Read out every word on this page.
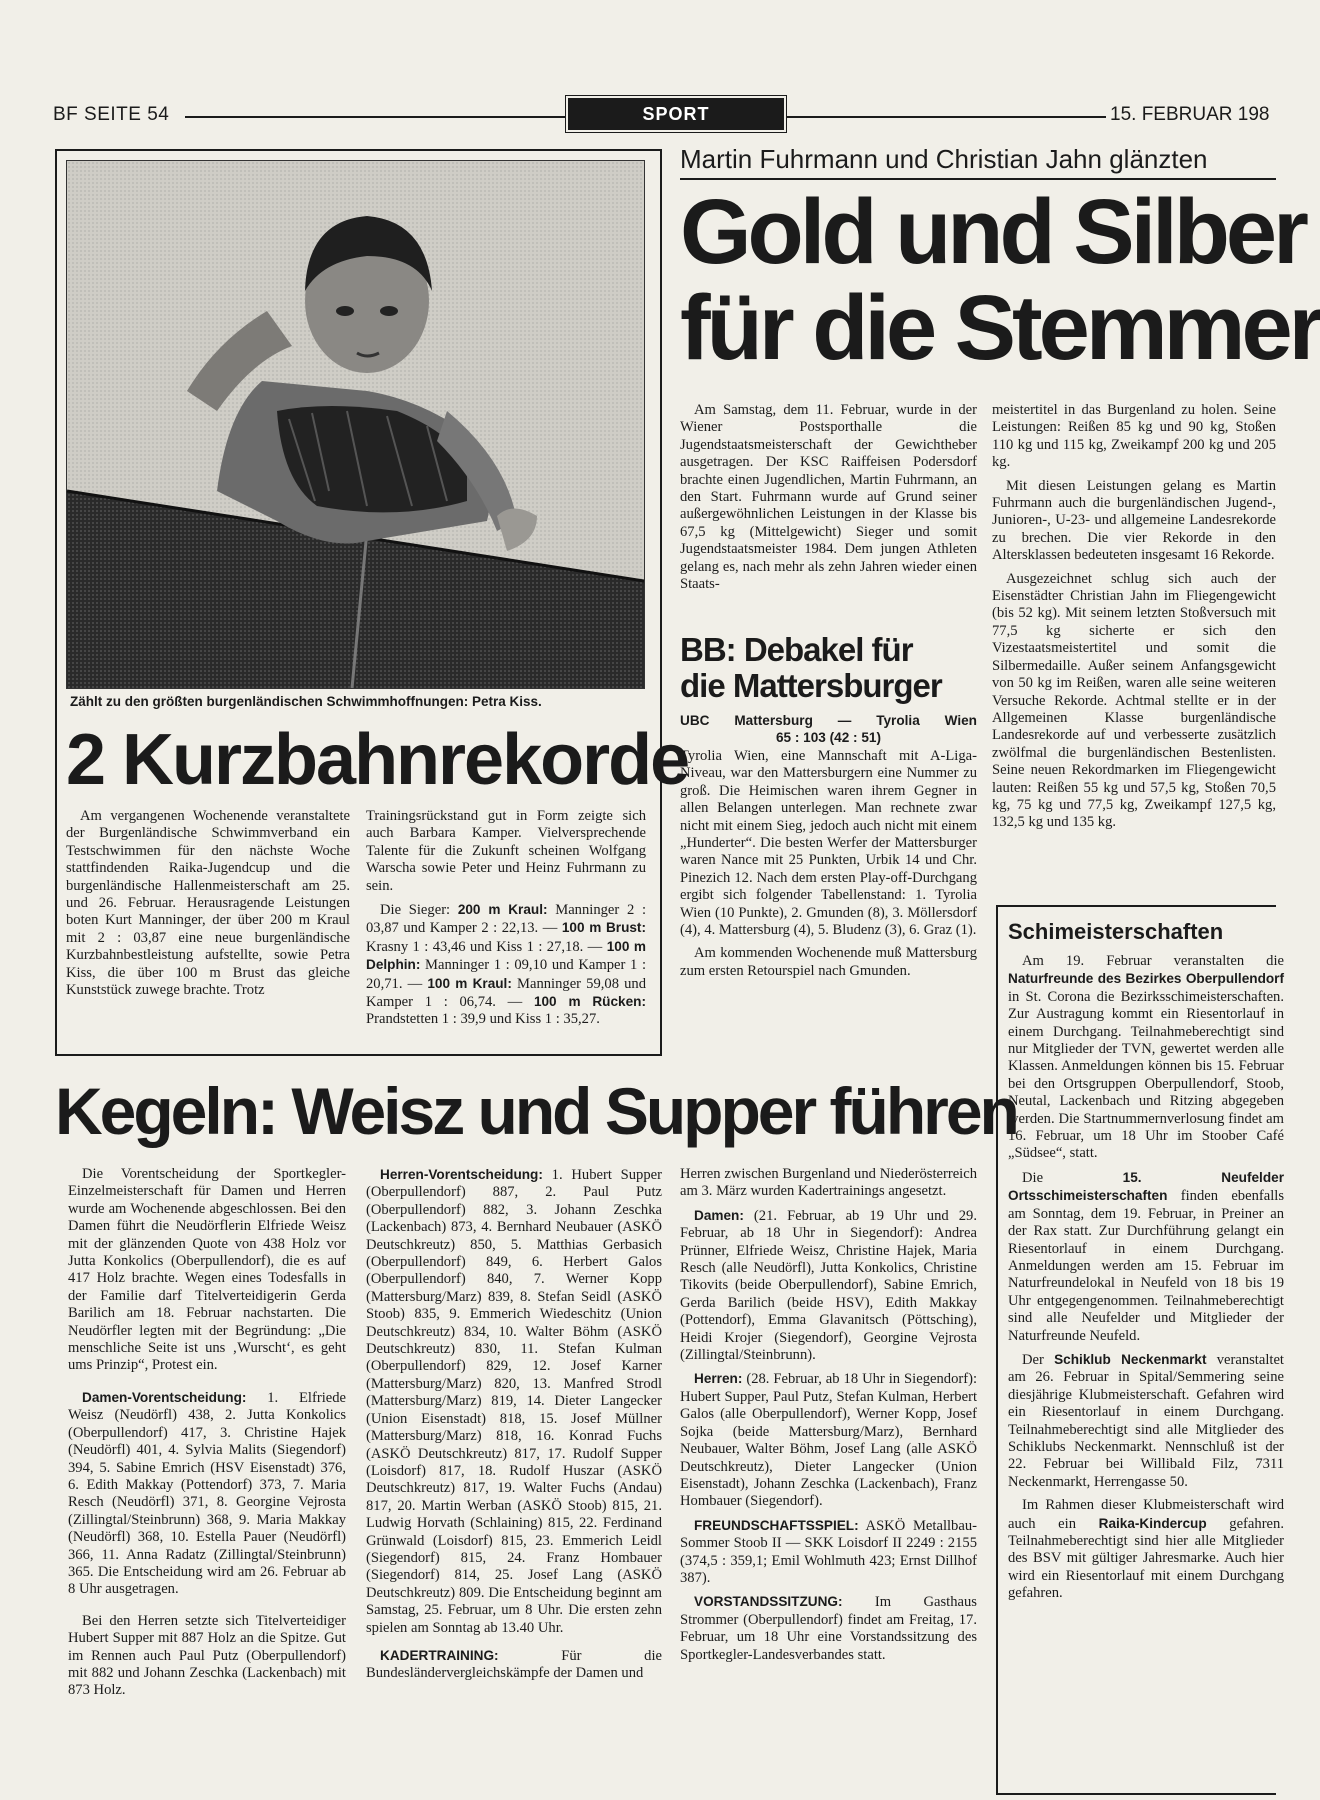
BF SEITE 54	SPORT	15. FEBRUAR 198
Zählt zu den größten burgenländischen Schwimmhoffnungen: Petra Kiss.
2 Kurzbahnrekorde

Am vergangenen Wochenende veranstaltete der Burgenländische Schwimmverband ein Testschwimmen für den nächste Woche stattfindenden Raika-Jugendcup und die burgenländische Hallenmeisterschaft am 25. und 26. Februar. Herausragende Leistungen boten Kurt Manninger, der über 200 m Kraul mit 2 : 03,87 eine neue burgenländische Kurzbahnbestleistung aufstellte, sowie Petra Kiss, die über 100 m Brust das gleiche Kunststück zuwege brachte. Trotz

Trainingsrückstand gut in Form zeigte sich auch Barbara Kamper. Vielversprechende Talente für die Zukunft scheinen Wolfgang Warscha sowie Peter und Heinz Fuhrmann zu sein.

Die Sieger: 200 m Kraul: Manninger 2 : 03,87 und Kamper 2 : 22,13. — 100 m Brust: Krasny 1 : 43,46 und Kiss 1 : 27,18. — 100 m Delphin: Manninger 1 : 09,10 und Kamper 1 : 20,71. — 100 m Kraul: Manninger 59,08 und Kamper 1 : 06,74. — 100 m Rücken: Prandstetten 1 : 39,9 und Kiss 1 : 35,27.

Martin Fuhrmann und Christian Jahn glänzten
Gold und Silber
für die Stemmer

Am Samstag, dem 11. Februar, wurde in der Wiener Postsporthalle die Jugendstaatsmeisterschaft der Gewichtheber ausgetragen. Der KSC Raiffeisen Podersdorf brachte einen Jugendlichen, Martin Fuhrmann, an den Start. Fuhrmann wurde auf Grund seiner außergewöhnlichen Leistungen in der Klasse bis 67,5 kg (Mittelgewicht) Sieger und somit Jugendstaatsmeister 1984. Dem jungen Athleten gelang es, nach mehr als zehn Jahren wieder einen Staats-

meistertitel in das Burgenland zu holen. Seine Leistungen: Reißen 85 kg und 90 kg, Stoßen 110 kg und 115 kg, Zweikampf 200 kg und 205 kg.

Mit diesen Leistungen gelang es Martin Fuhrmann auch die burgenländischen Jugend-, Junioren-, U-23- und allgemeine Landesrekorde zu brechen. Die vier Rekorde in den Altersklassen bedeuteten insgesamt 16 Rekorde.

Ausgezeichnet schlug sich auch der Eisenstädter Christian Jahn im Fliegengewicht (bis 52 kg). Mit seinem letzten Stoßversuch mit 77,5 kg sicherte er sich den Vizestaatsmeistertitel und somit die Silbermedaille. Außer seinem Anfangsgewicht von 50 kg im Reißen, waren alle seine weiteren Versuche Rekorde. Achtmal stellte er in der Allgemeinen Klasse burgenländische Landesrekorde auf und verbesserte zusätzlich zwölfmal die burgenländischen Bestenlisten. Seine neuen Rekordmarken im Fliegengewicht lauten: Reißen 55 kg und 57,5 kg, Stoßen 70,5 kg, 75 kg und 77,5 kg, Zweikampf 127,5 kg, 132,5 kg und 135 kg.

BB: Debakel für
die Mattersburger
UBC Mattersburg — Tyrolia Wien
65 : 103 (42 : 51)

Tyrolia Wien, eine Mannschaft mit A-Liga-Niveau, war den Mattersburgern eine Nummer zu groß. Die Heimischen waren ihrem Gegner in allen Belangen unterlegen. Man rechnete zwar nicht mit einem Sieg, jedoch auch nicht mit einem „Hunderter“. Die besten Werfer der Mattersburger waren Nance mit 25 Punkten, Urbik 14 und Chr. Pinezich 12. Nach dem ersten Play-off-Durchgang ergibt sich folgender Tabellenstand: 1. Tyrolia Wien (10 Punkte), 2. Gmunden (8), 3. Möllersdorf (4), 4. Mattersburg (4), 5. Bludenz (3), 6. Graz (1).

Am kommenden Wochenende muß Mattersburg zum ersten Retourspiel nach Gmunden.

Schimeisterschaften

Am 19. Februar veranstalten die Naturfreunde des Bezirkes Oberpullendorf in St. Corona die Bezirksschimeisterschaften. Zur Austragung kommt ein Riesentorlauf in einem Durchgang. Teilnahmeberechtigt sind nur Mitglieder der TVN, gewertet werden alle Klassen. Anmeldungen können bis 15. Februar bei den Ortsgruppen Oberpullendorf, Stoob, Neutal, Lackenbach und Ritzing abgegeben werden. Die Startnummernverlosung findet am 16. Februar, um 18 Uhr im Stoober Café „Südsee“, statt.

Die	15. Neufelder Ortsschimeisterschaften finden ebenfalls am Sonntag, dem 19. Februar, in Preiner an der Rax statt. Zur Durchführung gelangt ein Riesentorlauf in einem Durchgang. Anmeldungen werden am 15. Februar im Naturfreundelokal in Neufeld von 18 bis 19 Uhr entgegengenommen. Teilnahmeberechtigt sind alle Neufelder und Mitglieder der Naturfreunde Neufeld.

Der Schiklub Neckenmarkt veranstaltet am 26. Februar in Spital/Semmering seine diesjährige Klubmeisterschaft. Gefahren wird ein Riesentorlauf in einem Durchgang. Teilnahmeberechtigt sind alle Mitglieder des Schiklubs Neckenmarkt. Nennschluß ist der 22. Februar bei Willibald Filz, 7311 Neckenmarkt, Herrengasse 50.

Im Rahmen dieser Klubmeisterschaft wird auch ein Raika-Kindercup gefahren. Teilnahmeberechtigt sind hier alle Mitglieder des BSV mit gültiger Jahresmarke. Auch hier wird ein Riesentorlauf mit einem Durchgang gefahren.

Kegeln: Weisz und Supper führen

Die Vorentscheidung der Sportkegler-Einzelmeisterschaft für Damen und Herren wurde am Wochenende abgeschlossen. Bei den Damen führt die Neudörflerin Elfriede Weisz mit der glänzenden Quote von 438 Holz vor Jutta Konkolics (Oberpullendorf), die es auf 417 Holz brachte. Wegen eines Todesfalls in der Familie darf Titelverteidigerin Gerda Barilich am 18. Februar nachstarten. Die Neudörfler legten mit der Begründung: „Die menschliche Seite ist uns ‚Wurscht‘, es geht ums Prinzip“, Protest ein.

Damen-Vorentscheidung: 1. Elfriede Weisz (Neudörfl) 438, 2. Jutta Konkolics (Oberpullendorf) 417, 3. Christine Hajek (Neudörfl) 401, 4. Sylvia Malits (Siegendorf) 394, 5. Sabine Emrich (HSV Eisenstadt) 376, 6. Edith Makkay (Pottendorf) 373, 7. Maria Resch (Neudörfl) 371, 8. Georgine Vejrosta (Zillingtal/Steinbrunn) 368, 9. Maria Makkay (Neudörfl) 368, 10. Estella Pauer (Neudörfl) 366, 11. Anna Radatz (Zillingtal/Steinbrunn) 365. Die Entscheidung wird am 26. Februar ab 8 Uhr ausgetragen.

Bei den Herren setzte sich Titelverteidiger Hubert Supper mit 887 Holz an die Spitze. Gut im Rennen auch Paul Putz (Oberpullendorf) mit 882 und Johann Zeschka (Lackenbach) mit 873 Holz.

Herren-Vorentscheidung: 1. Hubert Supper (Oberpullendorf) 887, 2. Paul Putz (Oberpullendorf) 882, 3. Johann Zeschka (Lackenbach) 873, 4. Bernhard Neubauer (ASKÖ Deutschkreutz) 850, 5. Matthias Gerbasich (Oberpullendorf) 849, 6. Herbert Galos (Oberpullendorf) 840, 7. Werner Kopp (Mattersburg/Marz) 839, 8. Stefan Seidl (ASKÖ Stoob) 835, 9. Emmerich Wiedeschitz (Union Deutschkreutz) 834, 10. Walter Böhm (ASKÖ Deutschkreutz) 830, 11. Stefan Kulman (Oberpullendorf) 829, 12. Josef Karner (Mattersburg/Marz) 820, 13. Manfred Strodl (Mattersburg/Marz) 819, 14. Dieter Langecker (Union Eisenstadt) 818, 15. Josef Müllner (Mattersburg/Marz) 818, 16. Konrad Fuchs (ASKÖ Deutschkreutz) 817, 17. Rudolf Supper (Loisdorf) 817, 18. Rudolf Huszar (ASKÖ Deutschkreutz) 817, 19. Walter Fuchs (Andau) 817, 20. Martin Werban (ASKÖ Stoob) 815, 21. Ludwig Horvath (Schlaining) 815, 22. Ferdinand Grünwald (Loisdorf) 815, 23. Emmerich Leidl (Siegendorf) 815, 24. Franz Hombauer (Siegendorf) 814, 25. Josef Lang (ASKÖ Deutschkreutz) 809. Die Entscheidung beginnt am Samstag, 25. Februar, um 8 Uhr. Die ersten zehn spielen am Sonntag ab 13.40 Uhr.

KADERTRAINING:	Für die Bundesländervergleichskämpfe der Damen und

Herren zwischen Burgenland und Niederösterreich am 3. März wurden Kadertrainings angesetzt.

Damen: (21. Februar, ab 19 Uhr und 29. Februar, ab 18 Uhr in Siegendorf): Andrea Prünner, Elfriede Weisz, Christine Hajek, Maria Resch (alle Neudörfl), Jutta Konkolics, Christine Tikovits (beide Oberpullendorf), Sabine Emrich, Gerda Barilich (beide HSV), Edith Makkay (Pottendorf), Emma Glavanitsch (Pöttsching), Heidi Krojer (Siegendorf), Georgine Vejrosta (Zillingtal/Steinbrunn).

Herren: (28. Februar, ab 18 Uhr in Siegendorf): Hubert Supper, Paul Putz, Stefan Kulman, Herbert Galos (alle Oberpullendorf), Werner Kopp, Josef Sojka (beide Mattersburg/Marz), Bernhard Neubauer, Walter Böhm, Josef Lang (alle ASKÖ Deutschkreutz), Dieter Langecker (Union Eisenstadt), Johann Zeschka (Lackenbach), Franz Hombauer (Siegendorf).

FREUNDSCHAFTSSPIEL: ASKÖ Metallbau-Sommer Stoob II — SKK Loisdorf II 2249 : 2155 (374,5 : 359,1; Emil Wohlmuth 423; Ernst Dillhof 387).

VORSTANDSSITZUNG: Im Gasthaus Strommer (Oberpullendorf) findet am Freitag, 17. Februar, um 18 Uhr eine Vorstandssitzung des Sportkegler-Landesverbandes statt.
